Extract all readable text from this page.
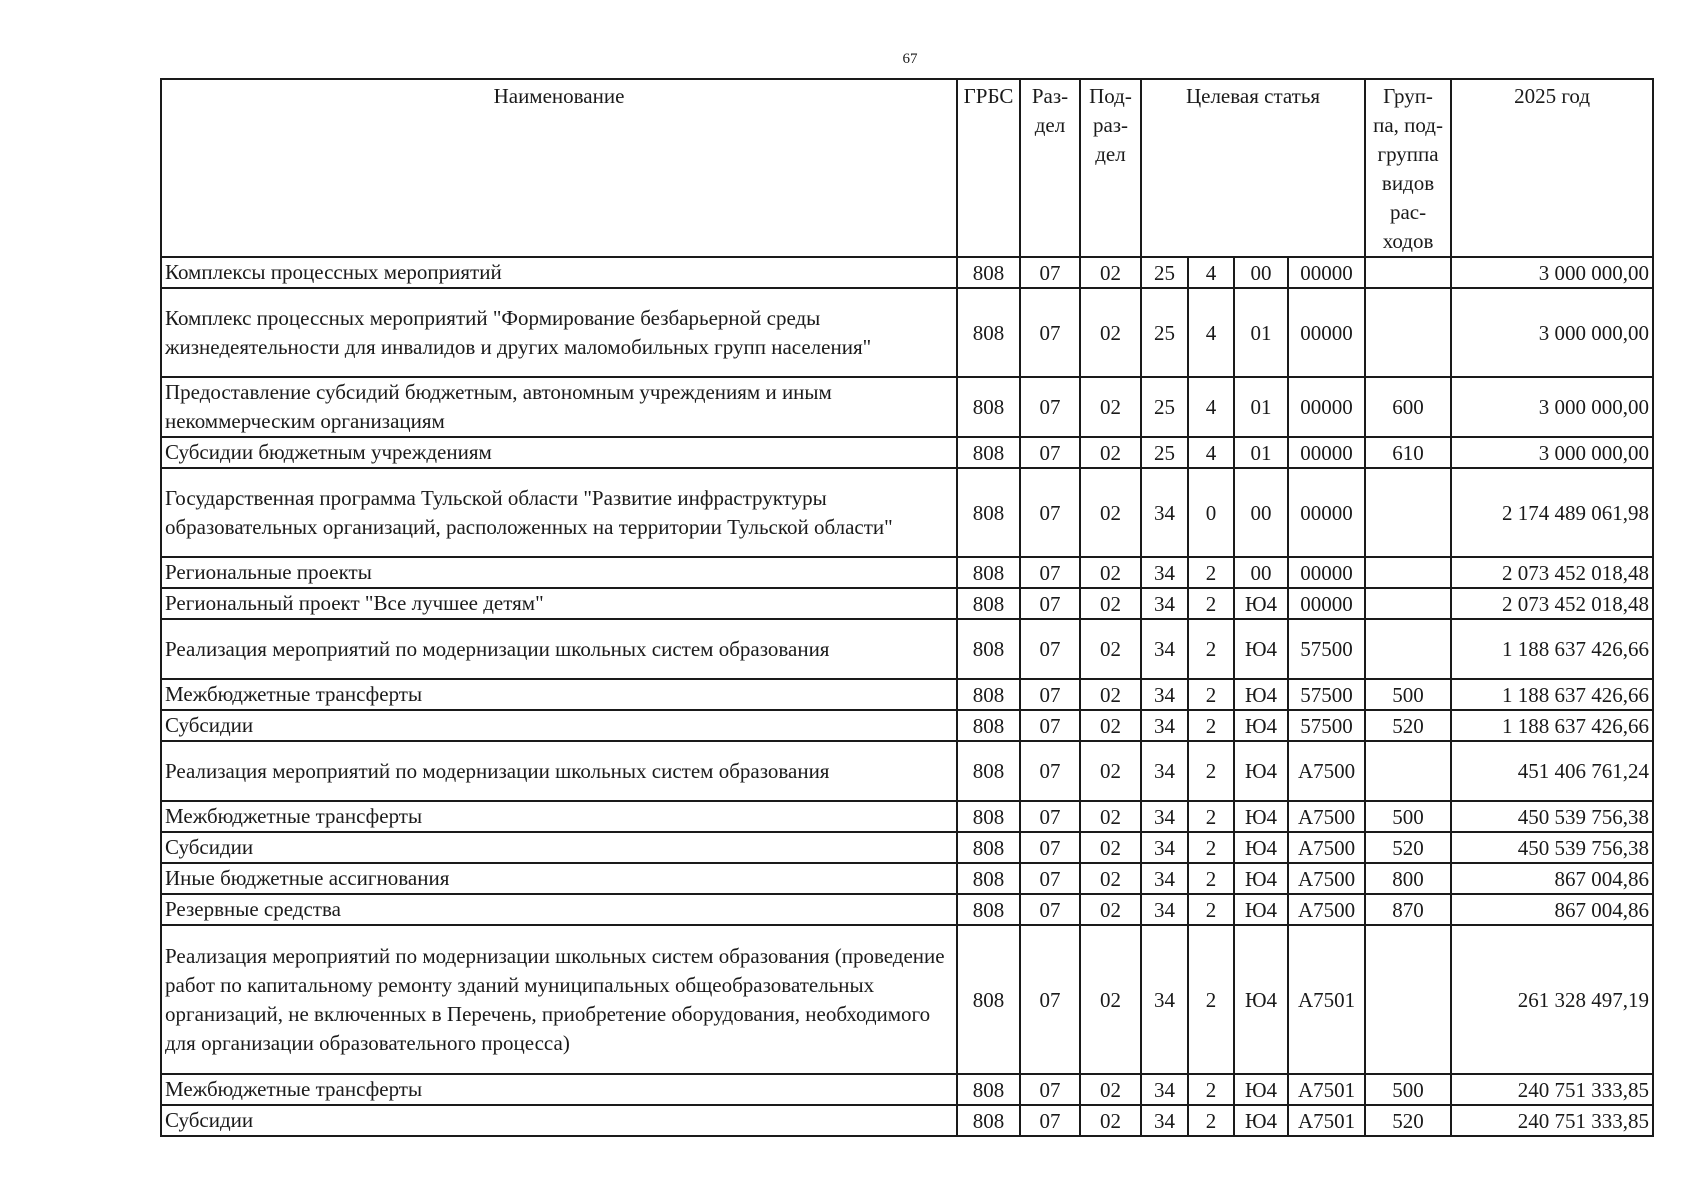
67
Наименование	ГРБС	Раз- дел	Под- раз- дел	Целевая статья				Груп- па, под- группа видов рас- ходов	2025 год
Комплексы процессных мероприятий	808	07	02	25	4	00	00000		3 000 000,00
Комплекс процессных мероприятий "Формирование безбарьерной среды жизнедеятельности для инвалидов и других маломобильных групп населения"	808	07	02	25	4	01	00000		3 000 000,00
Предоставление субсидий бюджетным, автономным учреждениям и иным некоммерческим организациям	808	07	02	25	4	01	00000	600	3 000 000,00
Субсидии бюджетным учреждениям	808	07	02	25	4	01	00000	610	3 000 000,00
Государственная программа Тульской области "Развитие инфраструктуры образовательных организаций, расположенных на территории Тульской области"	808	07	02	34	0	00	00000		2 174 489 061,98
Региональные проекты	808	07	02	34	2	00	00000		2 073 452 018,48
Региональный проект "Все лучшее детям"	808	07	02	34	2	Ю4	00000		2 073 452 018,48
Реализация мероприятий по модернизации школьных систем образования	808	07	02	34	2	Ю4	57500		1 188 637 426,66
Межбюджетные трансферты	808	07	02	34	2	Ю4	57500	500	1 188 637 426,66
Субсидии	808	07	02	34	2	Ю4	57500	520	1 188 637 426,66
Реализация мероприятий по модернизации школьных систем образования	808	07	02	34	2	Ю4	А7500		451 406 761,24
Межбюджетные трансферты	808	07	02	34	2	Ю4	А7500	500	450 539 756,38
Субсидии	808	07	02	34	2	Ю4	А7500	520	450 539 756,38
Иные бюджетные ассигнования	808	07	02	34	2	Ю4	А7500	800	867 004,86
Резервные средства	808	07	02	34	2	Ю4	А7500	870	867 004,86
Реализация мероприятий по модернизации школьных систем образования (проведение работ по капитальному ремонту зданий муниципальных общеобразовательных организаций, не включенных в Перечень, приобретение оборудования, необходимого для организации образовательного процесса)	808	07	02	34	2	Ю4	А7501		261 328 497,19
Межбюджетные трансферты	808	07	02	34	2	Ю4	А7501	500	240 751 333,85
Субсидии	808	07	02	34	2	Ю4	А7501	520	240 751 333,85
